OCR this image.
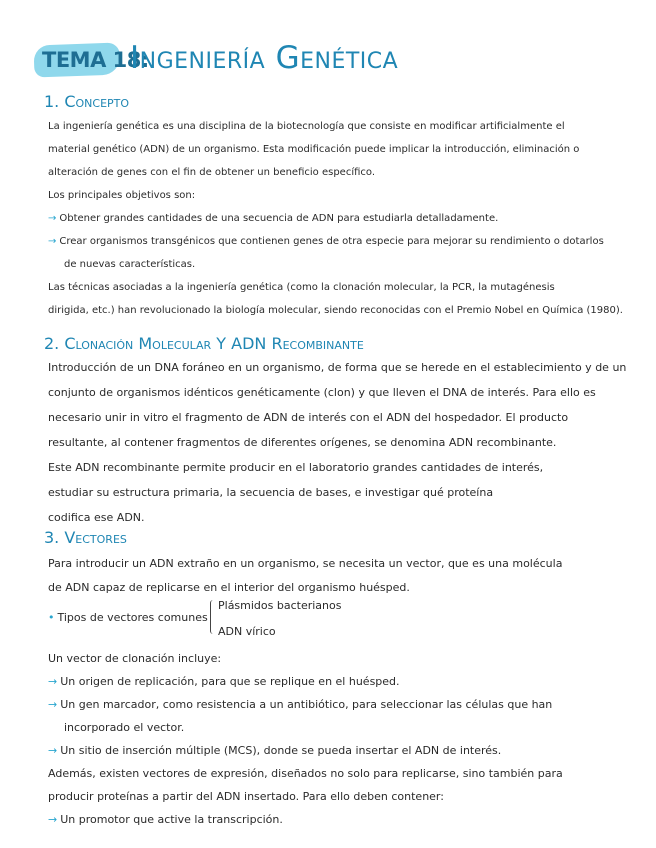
TEMA 18:
Ingeniería Genética
1. Concepto
La ingeniería genética es una disciplina de la biotecnología que consiste en modificar artificialmente el
material genético (ADN) de un organismo. Esta modificación puede implicar la introducción, eliminación o
alteración de genes con el fin de obtener un beneficio específico.
Los principales objetivos son:
→ Obtener grandes cantidades de una secuencia de ADN para estudiarla detalladamente.
→ Crear organismos transgénicos que contienen genes de otra especie para mejorar su rendimiento o dotarlos
de nuevas características.
Las técnicas asociadas a la ingeniería genética (como la clonación molecular, la PCR, la mutagénesis
dirigida, etc.) han revolucionado la biología molecular, siendo reconocidas con el Premio Nobel en Química (1980).
2. Clonación Molecular Y ADN Recombinante
Introducción de un DNA foráneo en un organismo, de forma que se herede en el establecimiento y de un
conjunto de organismos idénticos genéticamente (clon) y que lleven el DNA de interés. Para ello es
necesario unir in vitro el fragmento de ADN de interés con el ADN del hospedador. El producto
resultante, al contener fragmentos de diferentes orígenes, se denomina ADN recombinante.
Este ADN recombinante permite producir en el laboratorio grandes cantidades de interés,
estudiar su estructura primaria, la secuencia de bases, e investigar qué proteína
codifica ese ADN.
3. Vectores
Para introducir un ADN extraño en un organismo, se necesita un vector, que es una molécula
de ADN capaz de replicarse en el interior del organismo huésped.
• Tipos de vectores comunes
Plásmidos bacterianos
ADN vírico
Un vector de clonación incluye:
→ Un origen de replicación, para que se replique en el huésped.
→ Un gen marcador, como resistencia a un antibiótico, para seleccionar las células que han
incorporado el vector.
→ Un sitio de inserción múltiple (MCS), donde se pueda insertar el ADN de interés.
Además, existen vectores de expresión, diseñados no solo para replicarse, sino también para
producir proteínas a partir del ADN insertado. Para ello deben contener:
→ Un promotor que active la transcripción.
